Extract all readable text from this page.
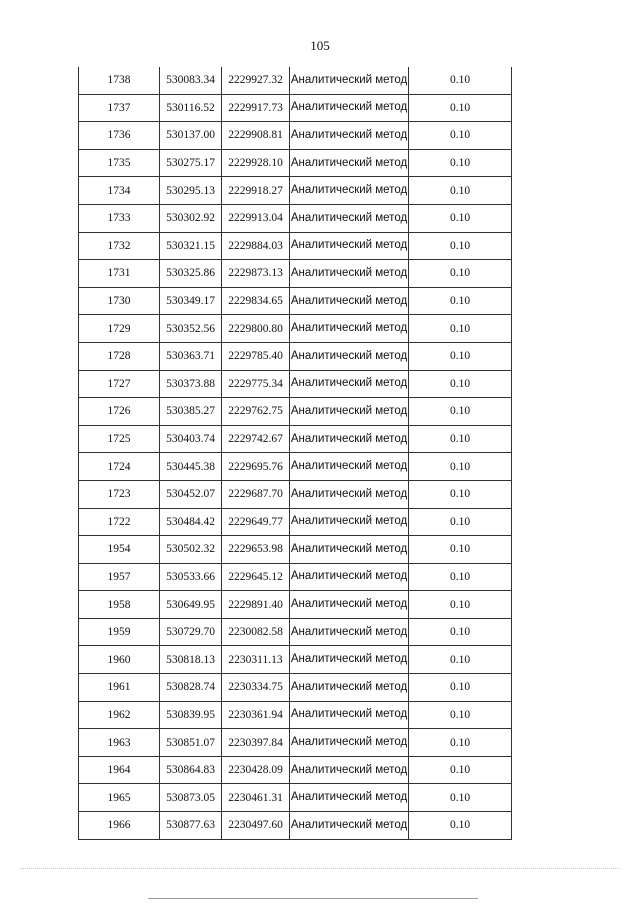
105
1738	530083.34	2229927.32	Аналитический метод	0.10
1737	530116.52	2229917.73	Аналитический метод	0.10
1736	530137.00	2229908.81	Аналитический метод	0.10
1735	530275.17	2229928.10	Аналитический метод	0.10
1734	530295.13	2229918.27	Аналитический метод	0.10
1733	530302.92	2229913.04	Аналитический метод	0.10
1732	530321.15	2229884.03	Аналитический метод	0.10
1731	530325.86	2229873.13	Аналитический метод	0.10
1730	530349.17	2229834.65	Аналитический метод	0.10
1729	530352.56	2229800.80	Аналитический метод	0.10
1728	530363.71	2229785.40	Аналитический метод	0.10
1727	530373.88	2229775.34	Аналитический метод	0.10
1726	530385.27	2229762.75	Аналитический метод	0.10
1725	530403.74	2229742.67	Аналитический метод	0.10
1724	530445.38	2229695.76	Аналитический метод	0.10
1723	530452.07	2229687.70	Аналитический метод	0.10
1722	530484.42	2229649.77	Аналитический метод	0.10
1954	530502.32	2229653.98	Аналитический метод	0.10
1957	530533.66	2229645.12	Аналитический метод	0.10
1958	530649.95	2229891.40	Аналитический метод	0.10
1959	530729.70	2230082.58	Аналитический метод	0.10
1960	530818.13	2230311.13	Аналитический метод	0.10
1961	530828.74	2230334.75	Аналитический метод	0.10
1962	530839.95	2230361.94	Аналитический метод	0.10
1963	530851.07	2230397.84	Аналитический метод	0.10
1964	530864.83	2230428.09	Аналитический метод	0.10
1965	530873.05	2230461.31	Аналитический метод	0.10
1966	530877.63	2230497.60	Аналитический метод	0.10
